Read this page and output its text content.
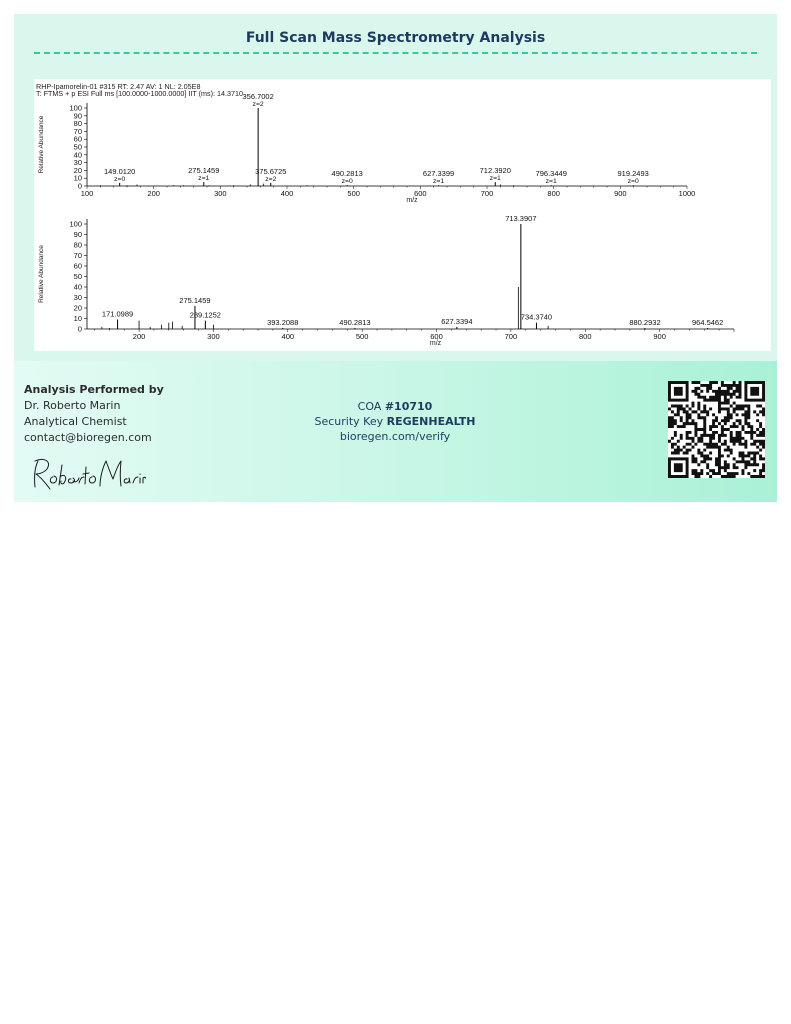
Full Scan Mass Spectrometry Analysis
RHP-Ipamorelin-01 #315 RT: 2.47 AV: 1 NL: 2.05E8
T: FTMS + p ESI Full ms [100.0000-1000.0000] IIT (ms): 14.3710
0
10
20
30
40
50
60
70
80
90
100
100	200	300	400	500	600	700	800	900	1000
Relative Abundance
m/z
149.0120
z=0
275.1459
z=1
356.7002
z=2
375.6725
z=2
490.2813
z=0
627.3399
z=1
712.3920
z=1
796.3449
z=1
919.2493
z=0
0
10
20
30
40
50
60
70
80
90
100
200	300	400	500	600	700	800	900
Relative Abundance
m/z
171.0989
275.1459
289.1252
393.2088	490.2813	627.3394
713.3907
734.3740
880.2932	964.5462
Analysis Performed by
Dr. Roberto Marin
Analytical Chemist
contact@bioregen.com
COA #10710
Security Key REGENHEALTH
bioregen.com/verify
